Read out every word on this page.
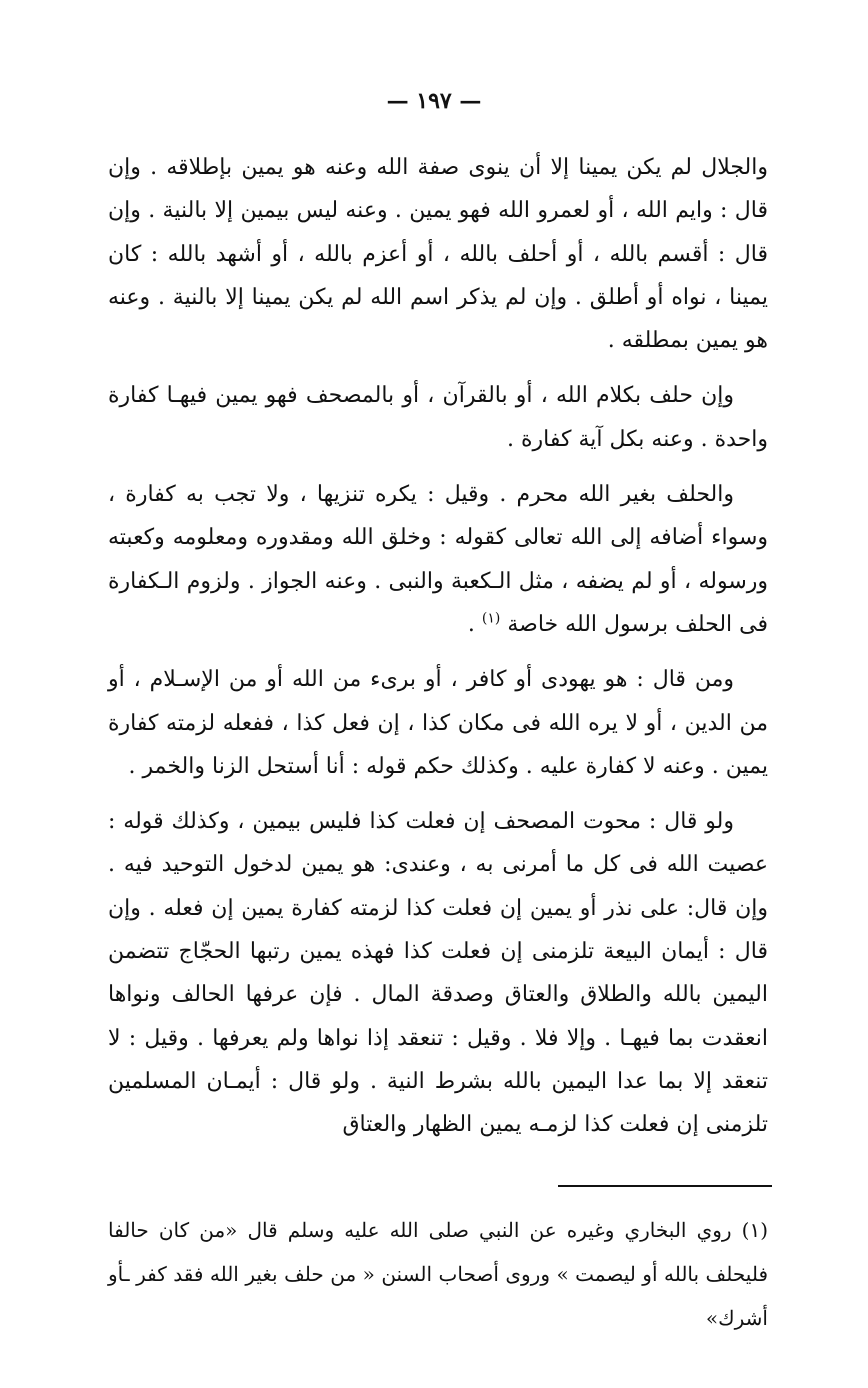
— ١٩٧ —

والجلال لم يكن يمينا إلا أن ينوى صفة الله وعنه هو يمين بإطلاقه . وإن قال : وايم الله ، أو لعمرو الله فهو يمين . وعنه ليس بيمين إلا بالنية . وإن قال : أقسم بالله ، أو أحلف بالله ، أو أعزم بالله ، أو أشهد بالله : كان يمينا ، نواه أو أطلق . وإن لم يذكر اسم الله لم يكن يمينا إلا بالنية . وعنه هو يمين بمطلقه .

وإن حلف بكلام الله ، أو بالقرآن ، أو بالمصحف فهو يمين فيهـا كفارة واحدة . وعنه بكل آية كفارة .

والحلف بغير الله محرم . وقيل : يكره تنزيها ، ولا تجب به كفارة ، وسواء أضافه إلى الله تعالى كقوله : وخلق الله ومقدوره ومعلومه وكعبته ورسوله ، أو لم يضفه ، مثل الـكعبة والنبى . وعنه الجواز . ولزوم الـكفارة فى الحلف برسول الله خاصة $^{(١)}$ .

ومن قال : هو يهودى أو كافر ، أو برىء من الله أو من الإسـلام ، أو من الدين ، أو لا يره الله فى مكان كذا ، إن فعل كذا ، ففعله لزمته كفارة يمين . وعنه لا كفارة عليه . وكذلك حكم قوله : أنا أستحل الزنا والخمر .

ولو قال : محوت المصحف إن فعلت كذا فليس بيمين ، وكذلك قوله : عصيت الله فى كل ما أمرنى به ، وعندى: هو يمين لدخول التوحيد فيه . وإن قال: على نذر أو يمين إن فعلت كذا لزمته كفارة يمين إن فعله . وإن قال : أيمان البيعة تلزمنى إن فعلت كذا فهذه يمين رتبها الحجّاج تتضمن اليمين بالله والطلاق والعتاق وصدقة المال . فإن عرفها الحالف ونواها انعقدت بما فيهـا . وإلا فلا . وقيل : تنعقد إذا نواها ولم يعرفها . وقيل : لا تنعقد إلا بما عدا اليمين بالله بشرط النية . ولو قال : أيمـان المسلمين تلزمنى إن فعلت كذا لزمـه يمين الظهار والعتاق

(١) روي البخاري وغيره عن النبي صلى الله عليه وسلم قال «من كان حالفا فليحلف بالله أو ليصمت » وروى أصحاب السنن « من حلف بغير الله فقد كفر ـأو أشرك»
